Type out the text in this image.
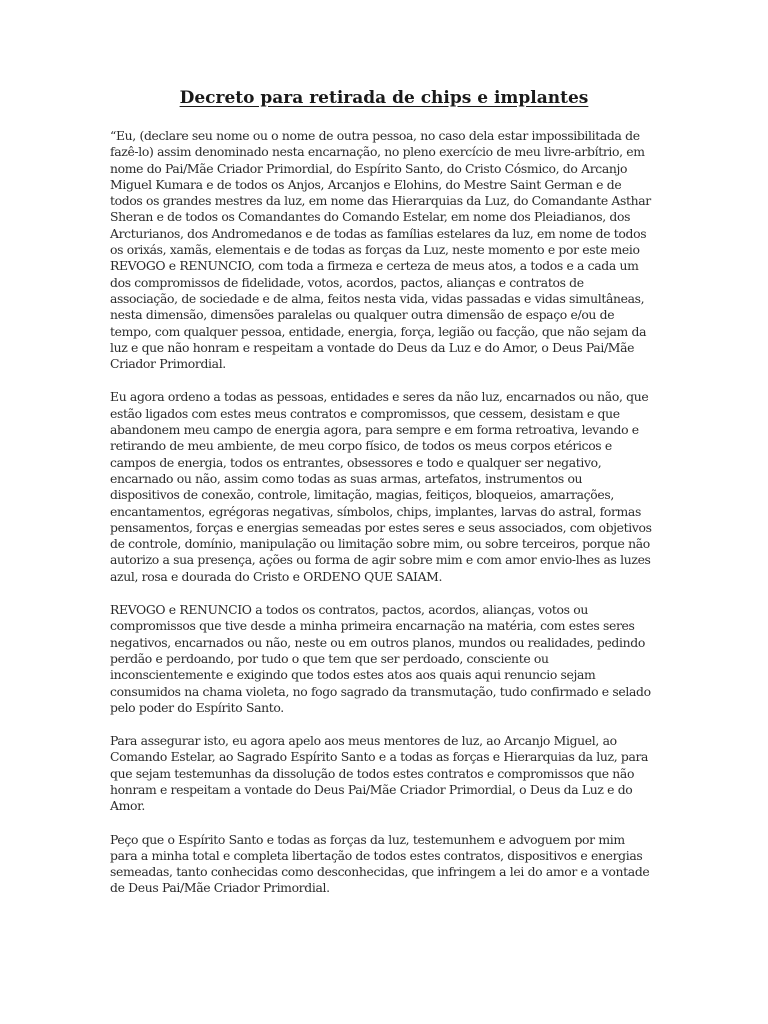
Decreto para retirada de chips e implantes

“Eu, (declare seu nome ou o nome de outra pessoa, no caso dela estar impossibilitada de fazê-lo) assim denominado nesta encarnação, no pleno exercício de meu livre-arbítrio, em nome do Pai/Mãe Criador Primordial, do Espírito Santo, do Cristo Cósmico, do Arcanjo Miguel Kumara e de todos os Anjos, Arcanjos e Elohins, do Mestre Saint German e de todos os grandes mestres da luz, em nome das Hierarquias da Luz, do Comandante Asthar Sheran e de todos os Comandantes do Comando Estelar, em nome dos Pleiadianos, dos Arcturianos, dos Andromedanos e de todas as famílias estelares da luz, em nome de todos os orixás, xamãs, elementais e de todas as forças da Luz, neste momento e por este meio REVOGO e RENUNCIO, com toda a firmeza e certeza de meus atos, a todos e a cada um dos compromissos de fidelidade, votos, acordos, pactos, alianças e contratos de associação, de sociedade e de alma, feitos nesta vida, vidas passadas e vidas simultâneas, nesta dimensão, dimensões paralelas ou qualquer outra dimensão de espaço e/ou de tempo, com qualquer pessoa, entidade, energia, força, legião ou facção, que não sejam da luz e que não honram e respeitam a vontade do Deus da Luz e do Amor, o Deus Pai/Mãe Criador Primordial.

Eu agora ordeno a todas as pessoas, entidades e seres da não luz, encarnados ou não, que estão ligados com estes meus contratos e compromissos, que cessem, desistam e que abandonem meu campo de energia agora, para sempre e em forma retroativa, levando e retirando de meu ambiente, de meu corpo físico, de todos os meus corpos etéricos e campos de energia, todos os entrantes, obsessores e todo e qualquer ser negativo, encarnado ou não, assim como todas as suas armas, artefatos, instrumentos ou dispositivos de conexão, controle, limitação, magias, feitiços, bloqueios, amarrações, encantamentos, egrégoras negativas, símbolos, chips, implantes, larvas do astral, formas pensamentos, forças e energias semeadas por estes seres e seus associados, com objetivos de controle, domínio, manipulação ou limitação sobre mim, ou sobre terceiros, porque não autorizo a sua presença, ações ou forma de agir sobre mim e com amor envio-lhes as luzes azul, rosa e dourada do Cristo e ORDENO QUE SAIAM.

REVOGO e RENUNCIO a todos os contratos, pactos, acordos, alianças, votos ou compromissos que tive desde a minha primeira encarnação na matéria, com estes seres negativos, encarnados ou não, neste ou em outros planos, mundos ou realidades, pedindo perdão e perdoando, por tudo o que tem que ser perdoado, consciente ou inconscientemente e exigindo que todos estes atos aos quais aqui renuncio sejam consumidos na chama violeta, no fogo sagrado da transmutação, tudo confirmado e selado pelo poder do Espírito Santo.

Para assegurar isto, eu agora apelo aos meus mentores de luz, ao Arcanjo Miguel, ao Comando Estelar, ao Sagrado Espírito Santo e a todas as forças e Hierarquias da luz, para que sejam testemunhas da dissolução de todos estes contratos e compromissos que não honram e respeitam a vontade do Deus Pai/Mãe Criador Primordial, o Deus da Luz e do Amor.

Peço que o Espírito Santo e todas as forças da luz, testemunhem e advoguem por mim para a minha total e completa libertação de todos estes contratos, dispositivos e energias semeadas, tanto conhecidas como desconhecidas, que infringem a lei do amor e a vontade de Deus Pai/Mãe Criador Primordial.
